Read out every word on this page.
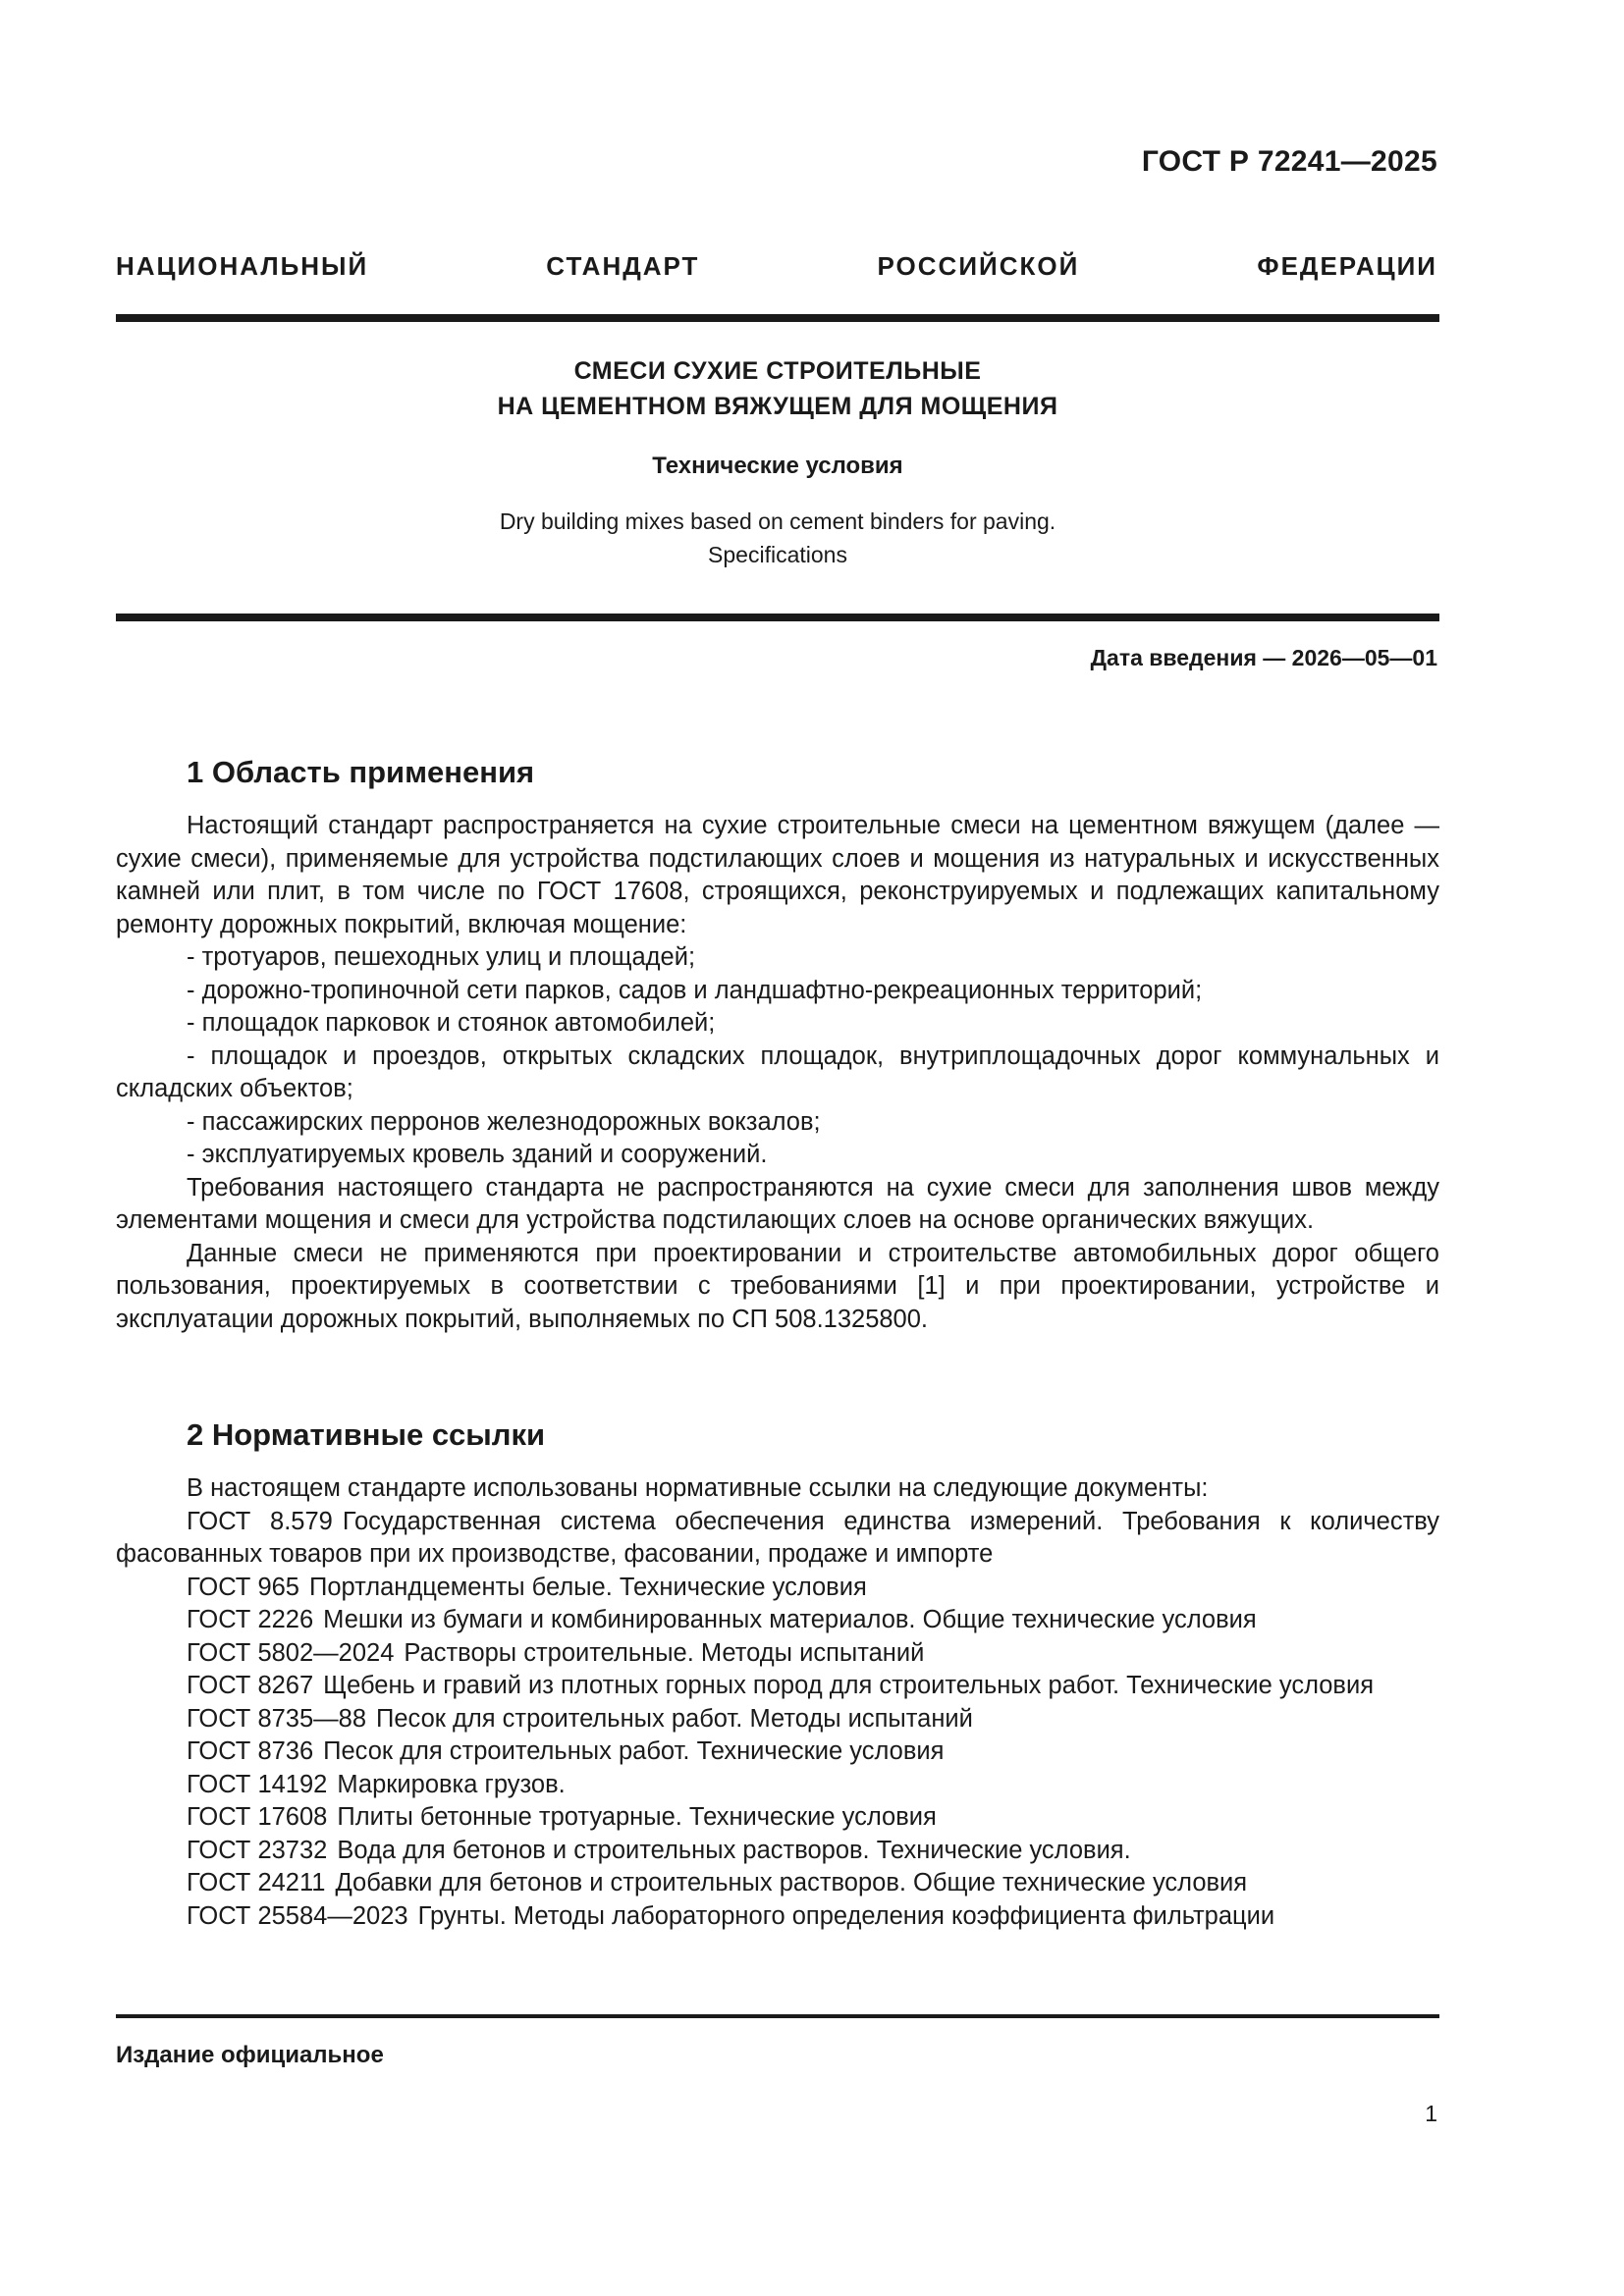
ГОСТ Р 72241—2025
НАЦИОНАЛЬНЫЙ СТАНДАРТ РОССИЙСКОЙ ФЕДЕРАЦИИ
СМЕСИ СУХИЕ СТРОИТЕЛЬНЫЕ
НА ЦЕМЕНТНОМ ВЯЖУЩЕМ ДЛЯ МОЩЕНИЯ
Технические условия
Dry building mixes based on cement binders for paving.
Specifications
Дата введения — 2026—05—01
1 Область применения

Настоящий стандарт распространяется на сухие строительные смеси на цементном вяжущем (далее — сухие смеси), применяемые для устройства подстилающих слоев и мощения из натуральных и искусственных камней или плит, в том числе по ГОСТ 17608, строящихся, реконструируемых и подлежащих капитальному ремонту дорожных покрытий, включая мощение:

- тротуаров, пешеходных улиц и площадей;

- дорожно-тропиночной сети парков, садов и ландшафтно-рекреационных территорий;

- площадок парковок и стоянок автомобилей;

- площадок и проездов, открытых складских площадок, внутриплощадочных дорог коммунальных и складских объектов;

- пассажирских перронов железнодорожных вокзалов;

- эксплуатируемых кровель зданий и сооружений.

Требования настоящего стандарта не распространяются на сухие смеси для заполнения швов между элементами мощения и смеси для устройства подстилающих слоев на основе органических вяжущих.

Данные смеси не применяются при проектировании и строительстве автомобильных дорог общего пользования, проектируемых в соответствии с требованиями [1] и при проектировании, устройстве и эксплуатации дорожных покрытий, выполняемых по СП 508.1325800.

2 Нормативные ссылки

В настоящем стандарте использованы нормативные ссылки на следующие документы:

ГОСТ 8.579 Государственная система обеспечения единства измерений. Требования к количеству фасованных товаров при их производстве, фасовании, продаже и импорте

ГОСТ 965 Портландцементы белые. Технические условия

ГОСТ 2226 Мешки из бумаги и комбинированных материалов. Общие технические условия

ГОСТ 5802—2024 Растворы строительные. Методы испытаний

ГОСТ 8267 Щебень и гравий из плотных горных пород для строительных работ. Технические условия

ГОСТ 8735—88 Песок для строительных работ. Методы испытаний

ГОСТ 8736 Песок для строительных работ. Технические условия

ГОСТ 14192 Маркировка грузов.

ГОСТ 17608 Плиты бетонные тротуарные. Технические условия

ГОСТ 23732 Вода для бетонов и строительных растворов. Технические условия.

ГОСТ 24211 Добавки для бетонов и строительных растворов. Общие технические условия

ГОСТ 25584—2023 Грунты. Методы лабораторного определения коэффициента фильтрации

Издание официальное
1
